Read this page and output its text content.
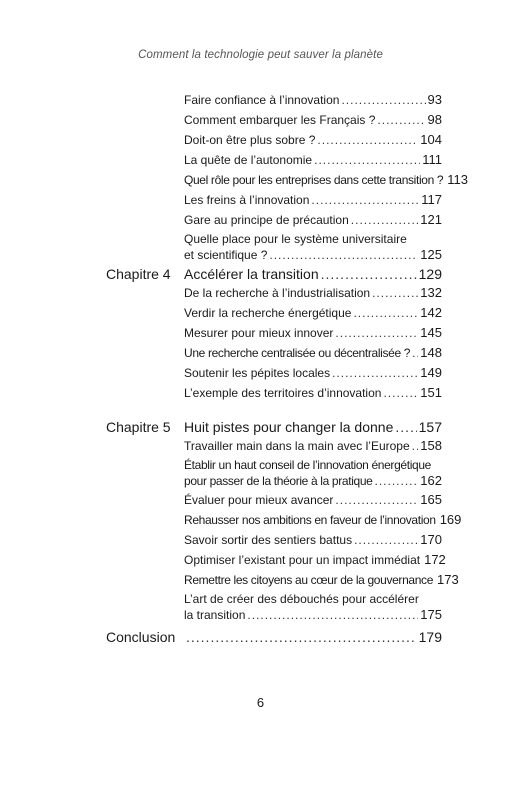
Comment la technologie peut sauver la planète
Faire confiance à l’innovation .....	93
Comment embarquer les Français ? .....	98
Doit-on être plus sobre ? .....	104
La quête de l’autonomie .....	111
Quel rôle pour les entreprises dans cette transition ? 113
Les freins à l’innovation .....	117
Gare au principe de précaution .....	121
Quelle place pour le système universitaire
et scientifique ? .....	125
Chapitre 4 Accélérer la transition .....	129
De la recherche à l’industrialisation .....	132
Verdir la recherche énergétique .....	142
Mesurer pour mieux innover .....	145
Une recherche centralisée ou décentralisée ? ..... 148
Soutenir les pépites locales .....	149
L’exemple des territoires d’innovation .....	151
Chapitre 5 Huit pistes pour changer la donne ..... 157
Travailler main dans la main avec l’Europe ..... 158
Établir un haut conseil de l’innovation énergétique
pour passer de la théorie à la pratique .....	162
Évaluer pour mieux avancer .....	165
Rehausser nos ambitions en faveur de l’innovation 169
Savoir sortir des sentiers battus .....	170
Optimiser l’existant pour un impact immédiat 172
Remettre les citoyens au cœur de la gouvernance 173
L’art de créer des débouchés pour accélérer
la transition .....	175
Conclusion .....	179
6
